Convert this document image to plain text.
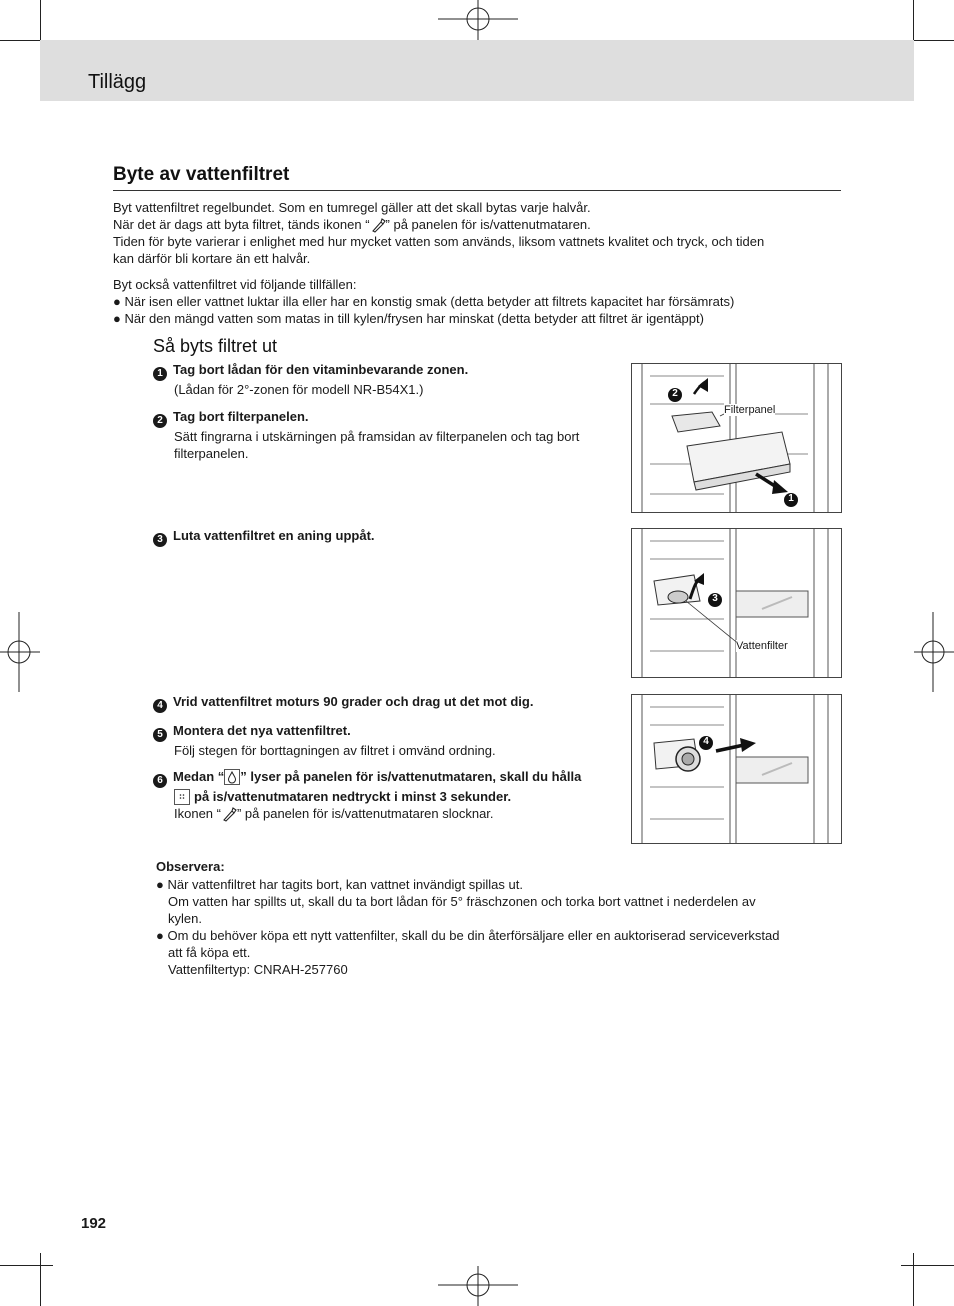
Tillägg
Byte av vattenfiltret
Byt vattenfiltret regelbundet. Som en tumregel gäller att det skall bytas varje halvår.
När det är dags att byta filtret, tänds ikonen “ ” på panelen för is/vattenutmataren.
Tiden för byte varierar i enlighet med hur mycket vatten som används, liksom vattnets kvalitet och tryck, och tiden
kan därför bli kortare än ett halvår.
Byt också vattenfiltret vid följande tillfällen:
● När isen eller vattnet luktar illa eller har en konstig smak (detta betyder att filtrets kapacitet har försämrats)
● När den mängd vatten som matas in till kylen/frysen har minskat (detta betyder att filtret är igentäppt)
Så byts filtret ut
1 Tag bort lådan för den vitaminbevarande zonen.
(Lådan för 2°-zonen för modell NR-B54X1.)
2 Tag bort filterpanelen.
Sätt fingrarna i utskärningen på framsidan av filterpanelen och tag bort
filterpanelen.
3 Luta vattenfiltret en aning uppåt.
4 Vrid vattenfiltret moturs 90 grader och drag ut det mot dig.
5 Montera det nya vattenfiltret.
Följ stegen för borttagningen av filtret i omvänd ordning.
6 Medan “ ” lyser på panelen för is/vattenutmataren, skall du hålla
på is/vattenutmataren nedtryckt i minst 3 sekunder.
Ikonen “ ” på panelen för is/vattenutmataren slocknar.
2
1
Filterpanel
3
Vattenfilter
4
Observera:
● När vattenfiltret har tagits bort, kan vattnet invändigt spillas ut.
Om vatten har spillts ut, skall du ta bort lådan för 5° fräschzonen och torka bort vattnet i nederdelen av
kylen.
● Om du behöver köpa ett nytt vattenfilter, skall du be din återförsäljare eller en auktoriserad serviceverkstad
att få köpa ett.
Vattenfiltertyp: CNRAH-257760
192
